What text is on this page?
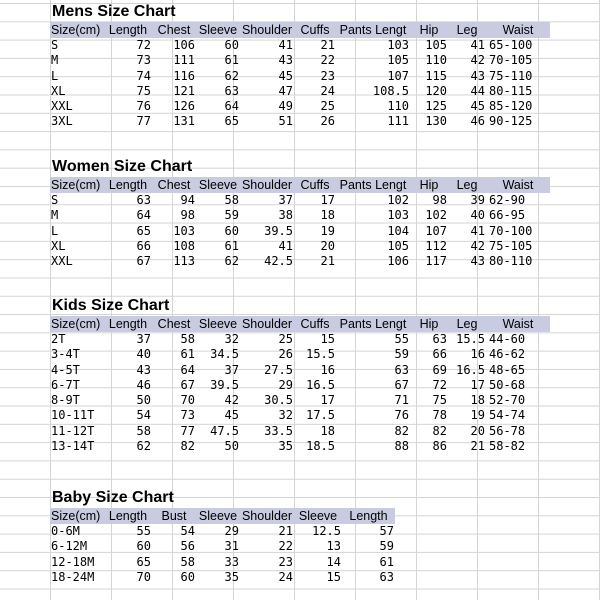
Mens Size Chart
Size(cm)	Length	Chest	Sleeve	Shoulder	Cuffs	Pants Lengt	Hip	Leg	Waist
S	72	106	60	41	21	103	105	41	65-100
M	73	111	61	43	22	105	110	42	70-105
L	74	116	62	45	23	107	115	43	75-110
XL	75	121	63	47	24	108.5	120	44	80-115
XXL	76	126	64	49	25	110	125	45	85-120
3XL	77	131	65	51	26	111	130	46	90-125
Women Size Chart
Size(cm)	Length	Chest	Sleeve	Shoulder	Cuffs	Pants Lengt	Hip	Leg	Waist
S	63	94	58	37	17	102	98	39	62-90
M	64	98	59	38	18	103	102	40	66-95
L	65	103	60	39.5	19	104	107	41	70-100
XL	66	108	61	41	20	105	112	42	75-105
XXL	67	113	62	42.5	21	106	117	43	80-110
Kids Size Chart
Size(cm)	Length	Chest	Sleeve	Shoulder	Cuffs	Pants Lengt	Hip	Leg	Waist
2T	37	58	32	25	15	55	63	15.5	44-60
3-4T	40	61	34.5	26	15.5	59	66	16	46-62
4-5T	43	64	37	27.5	16	63	69	16.5	48-65
6-7T	46	67	39.5	29	16.5	67	72	17	50-68
8-9T	50	70	42	30.5	17	71	75	18	52-70
10-11T	54	73	45	32	17.5	76	78	19	54-74
11-12T	58	77	47.5	33.5	18	82	82	20	56-78
13-14T	62	82	50	35	18.5	88	86	21	58-82
Baby Size Chart
Size(cm)	Length	Bust	Sleeve	Shoulder	Sleeve	Length
0-6M	55	54	29	21	12.5	57
6-12M	60	56	31	22	13	59
12-18M	65	58	33	23	14	61
18-24M	70	60	35	24	15	63
